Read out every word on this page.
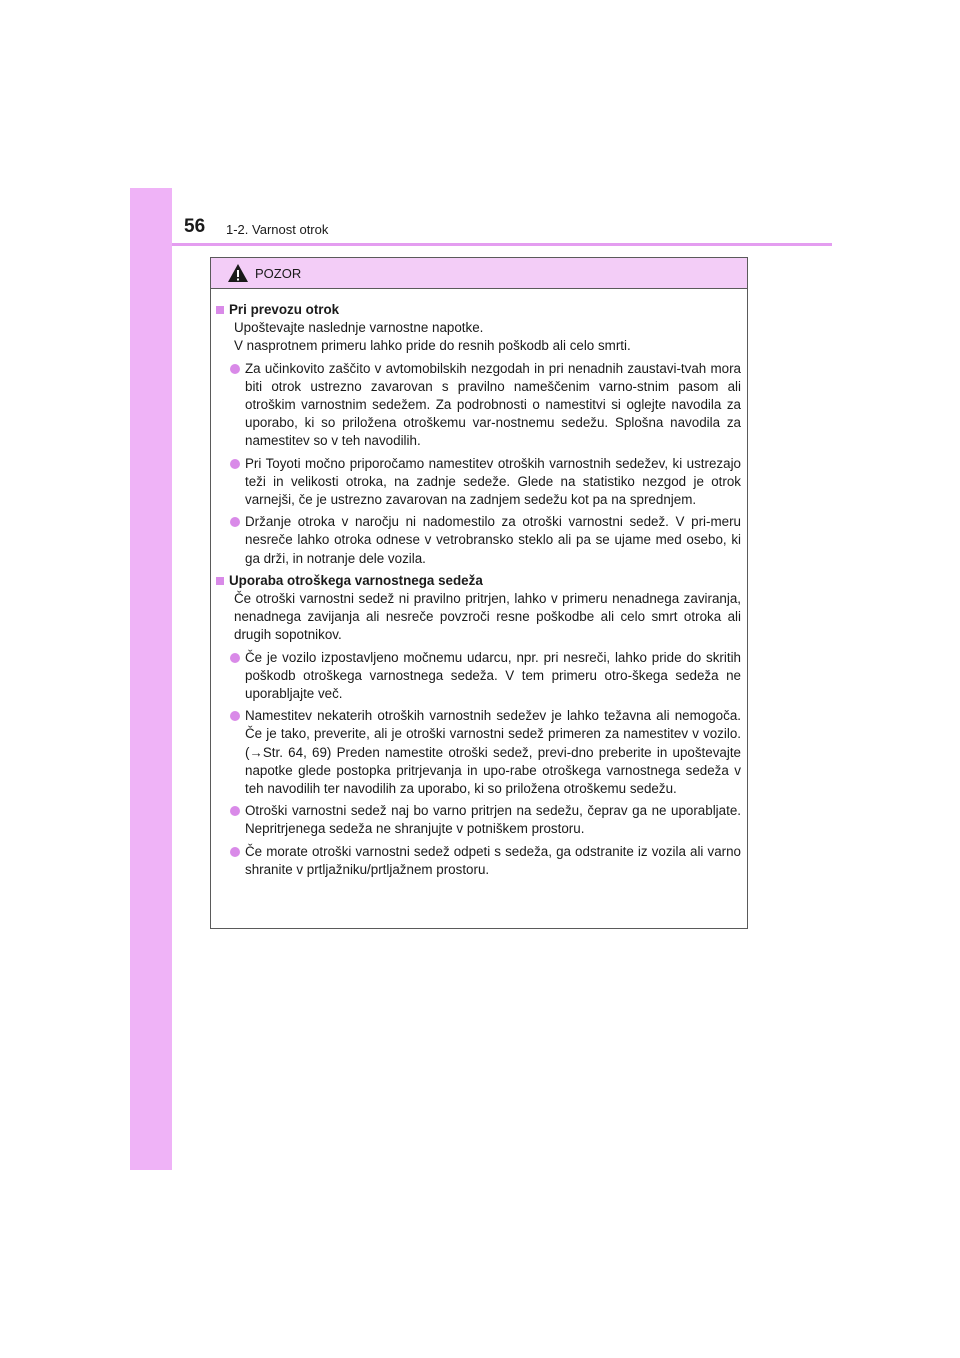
56 1-2. Varnost otrok
POZOR
Pri prevozu otrok
Upoštevajte naslednje varnostne napotke.
V nasprotnem primeru lahko pride do resnih poškodb ali celo smrti.
Za učinkovito zaščito v avtomobilskih nezgodah in pri nenadnih zaustavi-tvah mora biti otrok ustrezno zavarovan s pravilno nameščenim varno-stnim pasom ali otroškim varnostnim sedežem. Za podrobnosti o namestitvi si oglejte navodila za uporabo, ki so priložena otroškemu var-nostnemu sedežu. Splošna navodila za namestitev so v teh navodilih.
Pri Toyoti močno priporočamo namestitev otroških varnostnih sedežev, ki ustrezajo teži in velikosti otroka, na zadnje sedeže. Glede na statistiko nezgod je otrok varnejši, če je ustrezno zavarovan na zadnjem sedežu kot pa na sprednjem.
Držanje otroka v naročju ni nadomestilo za otroški varnostni sedež. V pri-meru nesreče lahko otroka odnese v vetrobransko steklo ali pa se ujame med osebo, ki ga drži, in notranje dele vozila.
Uporaba otroškega varnostnega sedeža
Če otroški varnostni sedež ni pravilno pritrjen, lahko v primeru nenadnega zaviranja, nenadnega zavijanja ali nesreče povzroči resne poškodbe ali celo smrt otroka ali drugih sopotnikov.
Če je vozilo izpostavljeno močnemu udarcu, npr. pri nesreči, lahko pride do skritih poškodb otroškega varnostnega sedeža. V tem primeru otro-škega sedeža ne uporabljajte več.
Namestitev nekaterih otroških varnostnih sedežev je lahko težavna ali nemogoča. Če je tako, preverite, ali je otroški varnostni sedež primeren za namestitev v vozilo. (→Str. 64, 69) Preden namestite otroški sedež, previ-dno preberite in upoštevajte napotke glede postopka pritrjevanja in upo-rabe otroškega varnostnega sedeža v teh navodilih ter navodilih za uporabo, ki so priložena otroškemu sedežu.
Otroški varnostni sedež naj bo varno pritrjen na sedežu, čeprav ga ne uporabljate. Nepritrjenega sedeža ne shranjujte v potniškem prostoru.
Če morate otroški varnostni sedež odpeti s sedeža, ga odstranite iz vozila ali varno shranite v prtljažniku/prtljažnem prostoru.
